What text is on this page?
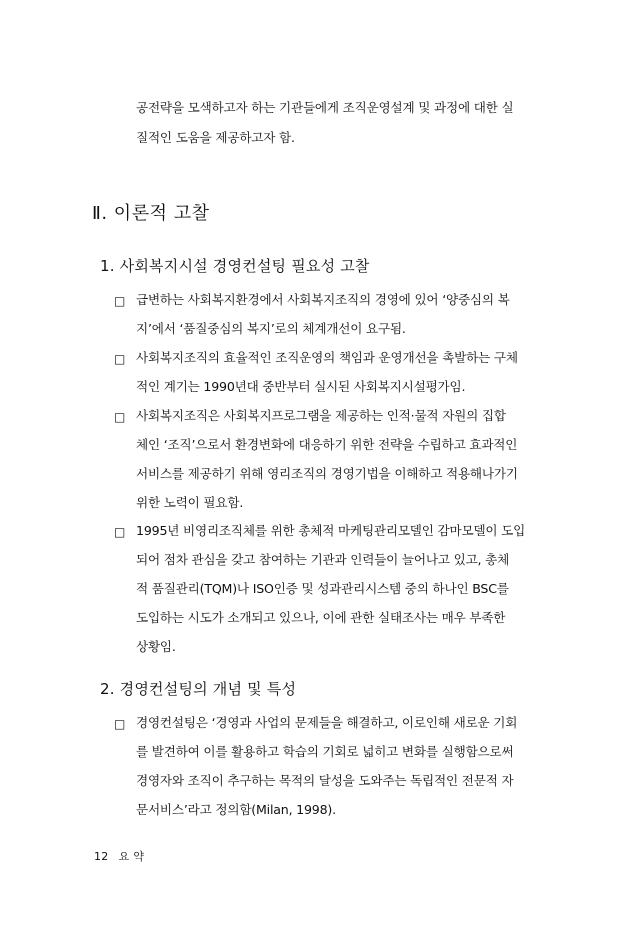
공전략을 모색하고자 하는 기관들에게 조직운영설계 및 과정에 대한 실
질적인 도움을 제공하고자 함.
Ⅱ. 이론적 고찰
1. 사회복지시설 경영컨설팅 필요성 고찰
□ 급변하는 사회복지환경에서 사회복지조직의 경영에 있어 ‘양중심의 복
지’에서 ‘품질중심의 복지’로의 체계개선이 요구됨.
□ 사회복지조직의 효율적인 조직운영의 책임과 운영개선을 촉발하는 구체
적인 계기는 1990년대 중반부터 실시된 사회복지시설평가임.
□ 사회복지조직은 사회복지프로그램을 제공하는 인적·물적 자원의 집합
체인 ‘조직’으로서 환경변화에 대응하기 위한 전략을 수립하고 효과적인
서비스를 제공하기 위해 영리조직의 경영기법을 이해하고 적용해나가기
위한 노력이 필요함.
□ 1995년 비영리조직체를 위한 총체적 마케팅관리모델인 감마모델이 도입
되어 점차 관심을 갖고 참여하는 기관과 인력들이 늘어나고 있고, 총체
적 품질관리(TQM)나 ISO인증 및 성과관리시스템 중의 하나인 BSC를
도입하는 시도가 소개되고 있으나, 이에 관한 실태조사는 매우 부족한
상황임.
2. 경영컨설팅의 개념 및 특성
□ 경영컨설팅은 ‘경영과 사업의 문제들을 해결하고, 이로인해 새로운 기회
를 발견하여 이를 활용하고 학습의 기회로 넓히고 변화를 실행함으로써
경영자와 조직이 추구하는 목적의 달성을 도와주는 독립적인 전문적 자
문서비스’라고 정의함(Milan, 1998).
12 요 약
